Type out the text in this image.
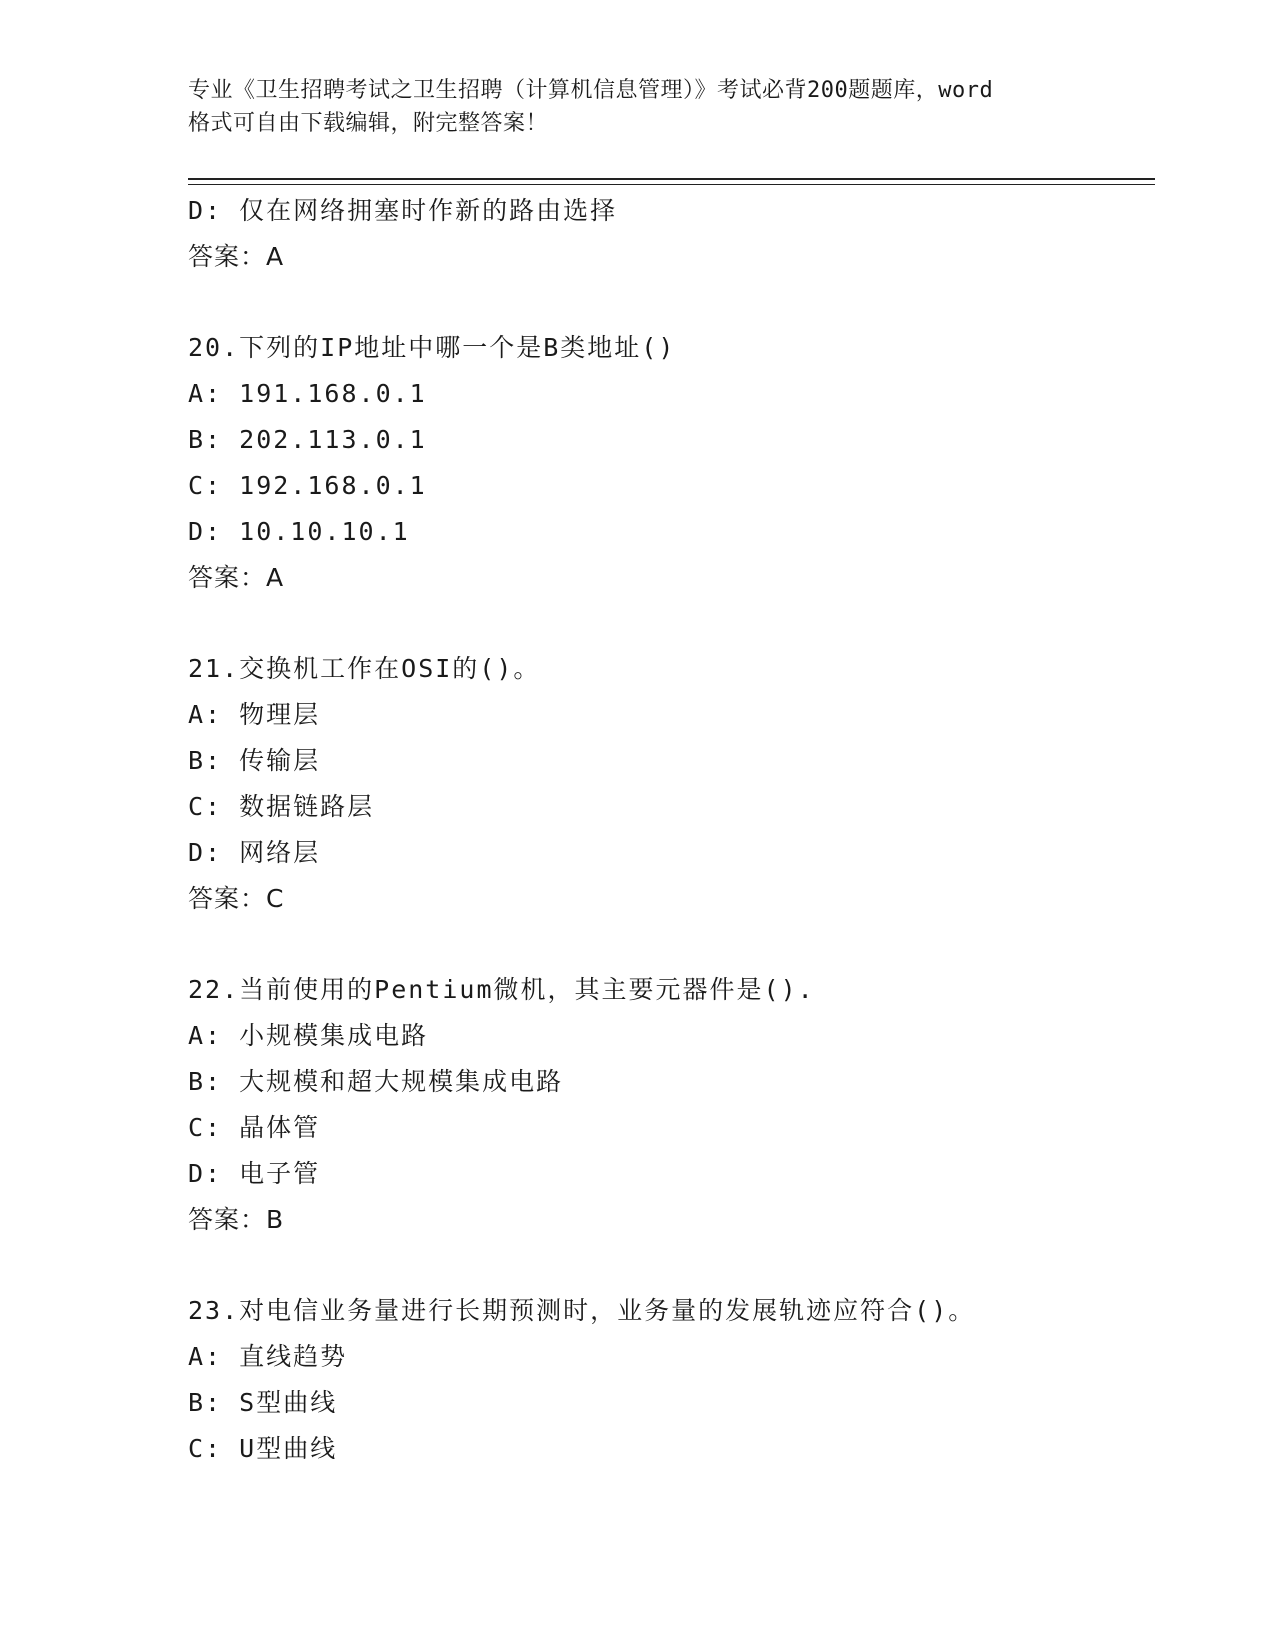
专业《卫生招聘考试之卫生招聘（计算机信息管理）》考试必背200题题库，word
格式可自由下载编辑，附完整答案！
D: 仅在网络拥塞时作新的路由选择
答案：A
20.下列的IP地址中哪一个是B类地址()
A: 191.168.0.1
B: 202.113.0.1
C: 192.168.0.1
D: 10.10.10.1
答案：A
21.交换机工作在OSI的()。
A: 物理层
B: 传输层
C: 数据链路层
D: 网络层
答案：C
22.当前使用的Pentium微机，其主要元器件是().
A: 小规模集成电路
B: 大规模和超大规模集成电路
C: 晶体管
D: 电子管
答案：B
23.对电信业务量进行长期预测时，业务量的发展轨迹应符合()。
A: 直线趋势
B: S型曲线
C: U型曲线
